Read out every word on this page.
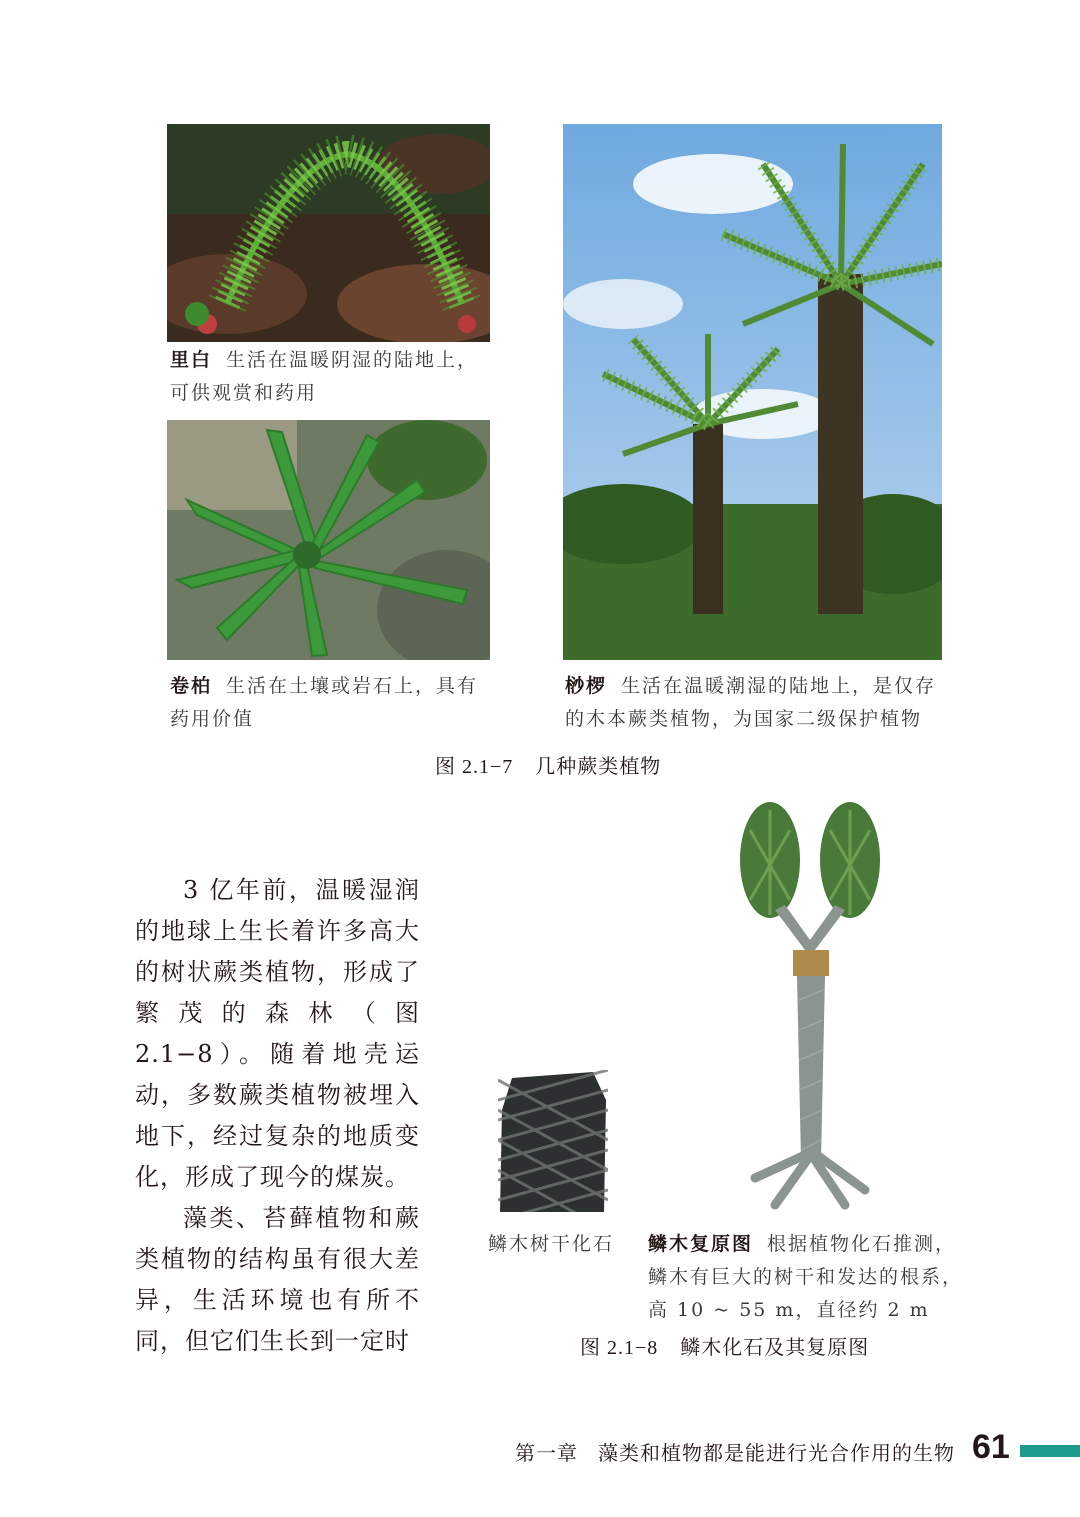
里白 生活在温暖阴湿的陆地上，
可供观赏和药用
卷柏 生活在土壤或岩石上，具有
药用价值
桫椤 生活在温暖潮湿的陆地上，是仅存
的木本蕨类植物，为国家二级保护植物
图 2.1−7 几种蕨类植物

3 亿年前，温暖湿润的地球上生长着许多高大的树状蕨类植物，形成了繁茂的森林（图 2.1−8）。随着地壳运动，多数蕨类植物被埋入地下，经过复杂的地质变化，形成了现今的煤炭。

藻类、苔藓植物和蕨类植物的结构虽有很大差异，生活环境也有所不同，但它们生长到一定时

鳞木树干化石 鳞木复原图 根据植物化石推测，
鳞木有巨大的树干和发达的根系，
高 10 ~ 55 m，直径约 2 m
图 2.1−8 鳞木化石及其复原图
第一章 藻类和植物都是能进行光合作用的生物 61
